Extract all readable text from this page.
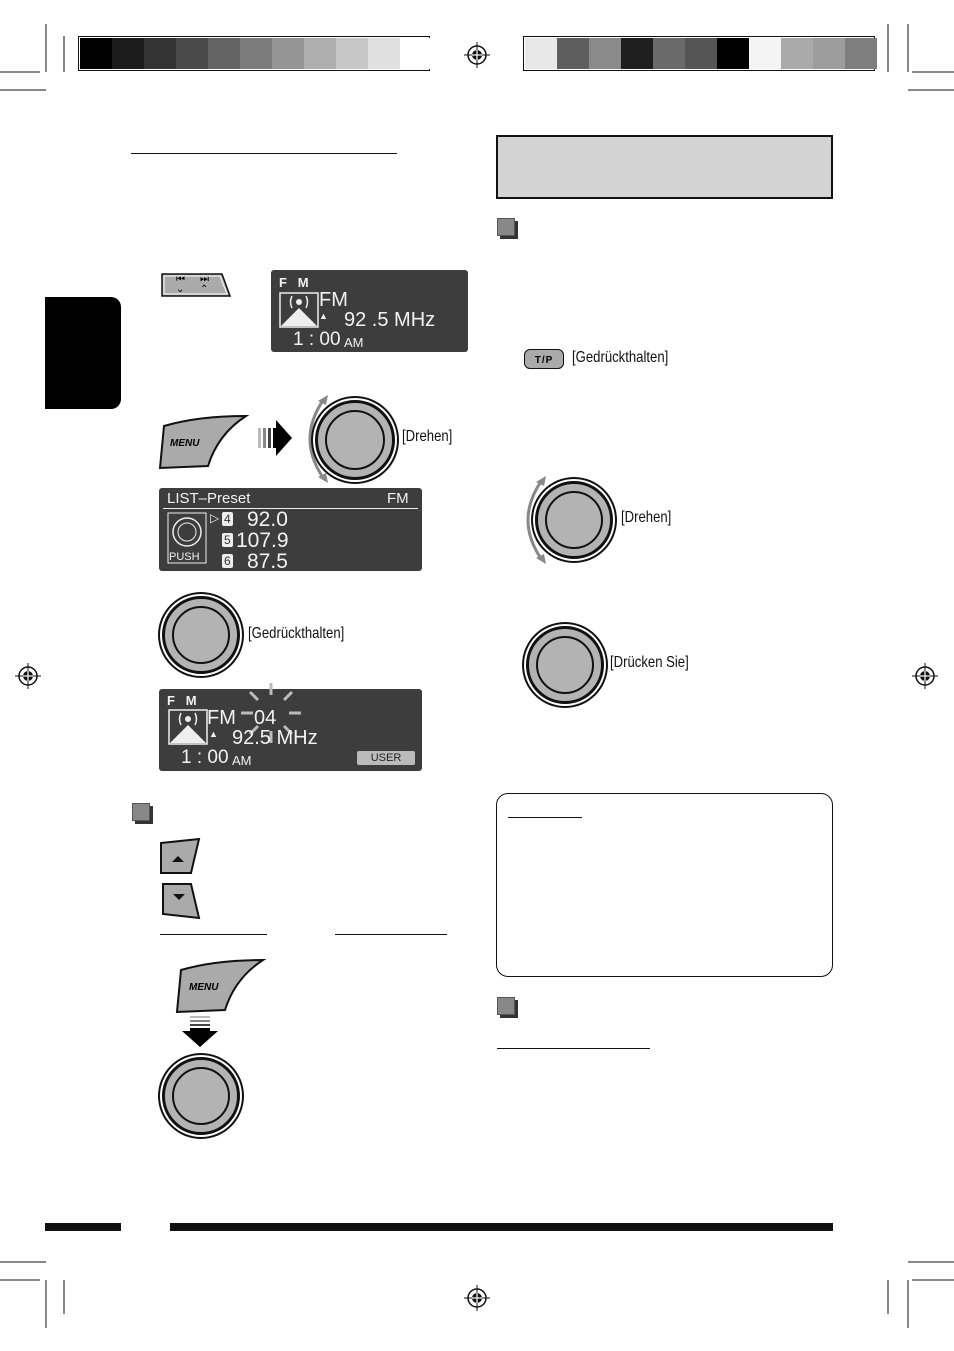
⏮
⌄
⏭
⌃	F   M
FM
92 .5 MHz
▲
1 : 00 AM
MENU	[Drehen]
LIST–Preset	FM
PUSH
▷ 4 92.0
5 107.9
6 87.5
[Gedrückthalten]
F   M
FM 04
▲ 92.5 MHz
1 : 00 AM	USER
MENU
T/P	[Gedrückthalten]
[Drehen]
[Drücken Sie]
